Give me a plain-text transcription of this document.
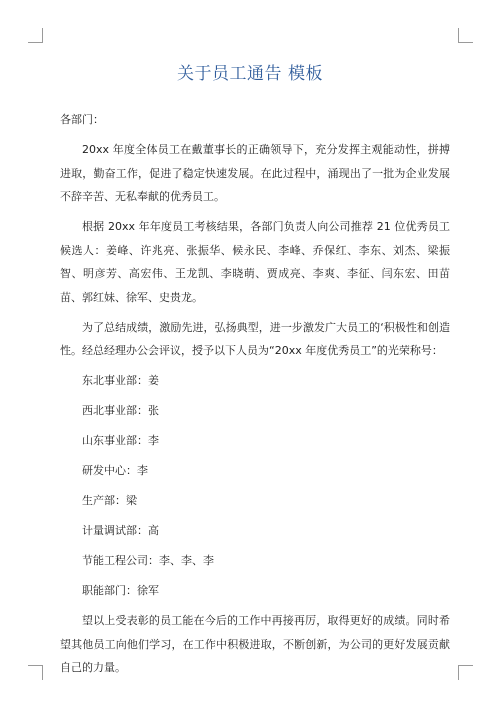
关于员工通告 模板

各部门：

20xx 年度全体员工在戴董事长的正确领导下，充分发挥主观能动性，拼搏进取，勤奋工作，促进了稳定快速发展。在此过程中，涌现出了一批为企业发展不辞辛苦、无私奉献的优秀员工。

根据 20xx 年年度员工考核结果，各部门负责人向公司推荐 21 位优秀员工候选人：姜峰、许兆亮、张振华、候永民、李峰、乔保红、李东、刘杰、梁振智、明彦芳、高宏伟、王龙凯、李晓萌、贾成亮、李爽、李征、闫东宏、田苗苗、郭红妹、徐军、史贵龙。

为了总结成绩，激励先进，弘扬典型，进一步激发广大员工的‘积极性和创造性。经总经理办公会评议，授予以下人员为“20xx 年度优秀员工”的光荣称号：

东北事业部：姜

西北事业部：张

山东事业部：李

研发中心：李

生产部：梁

计量调试部：高

节能工程公司：李、李、李

职能部门：徐军

望以上受表彰的员工能在今后的工作中再接再厉，取得更好的成绩。同时希望其他员工向他们学习，在工作中积极进取，不断创新，为公司的更好发展贡献自己的力量。
